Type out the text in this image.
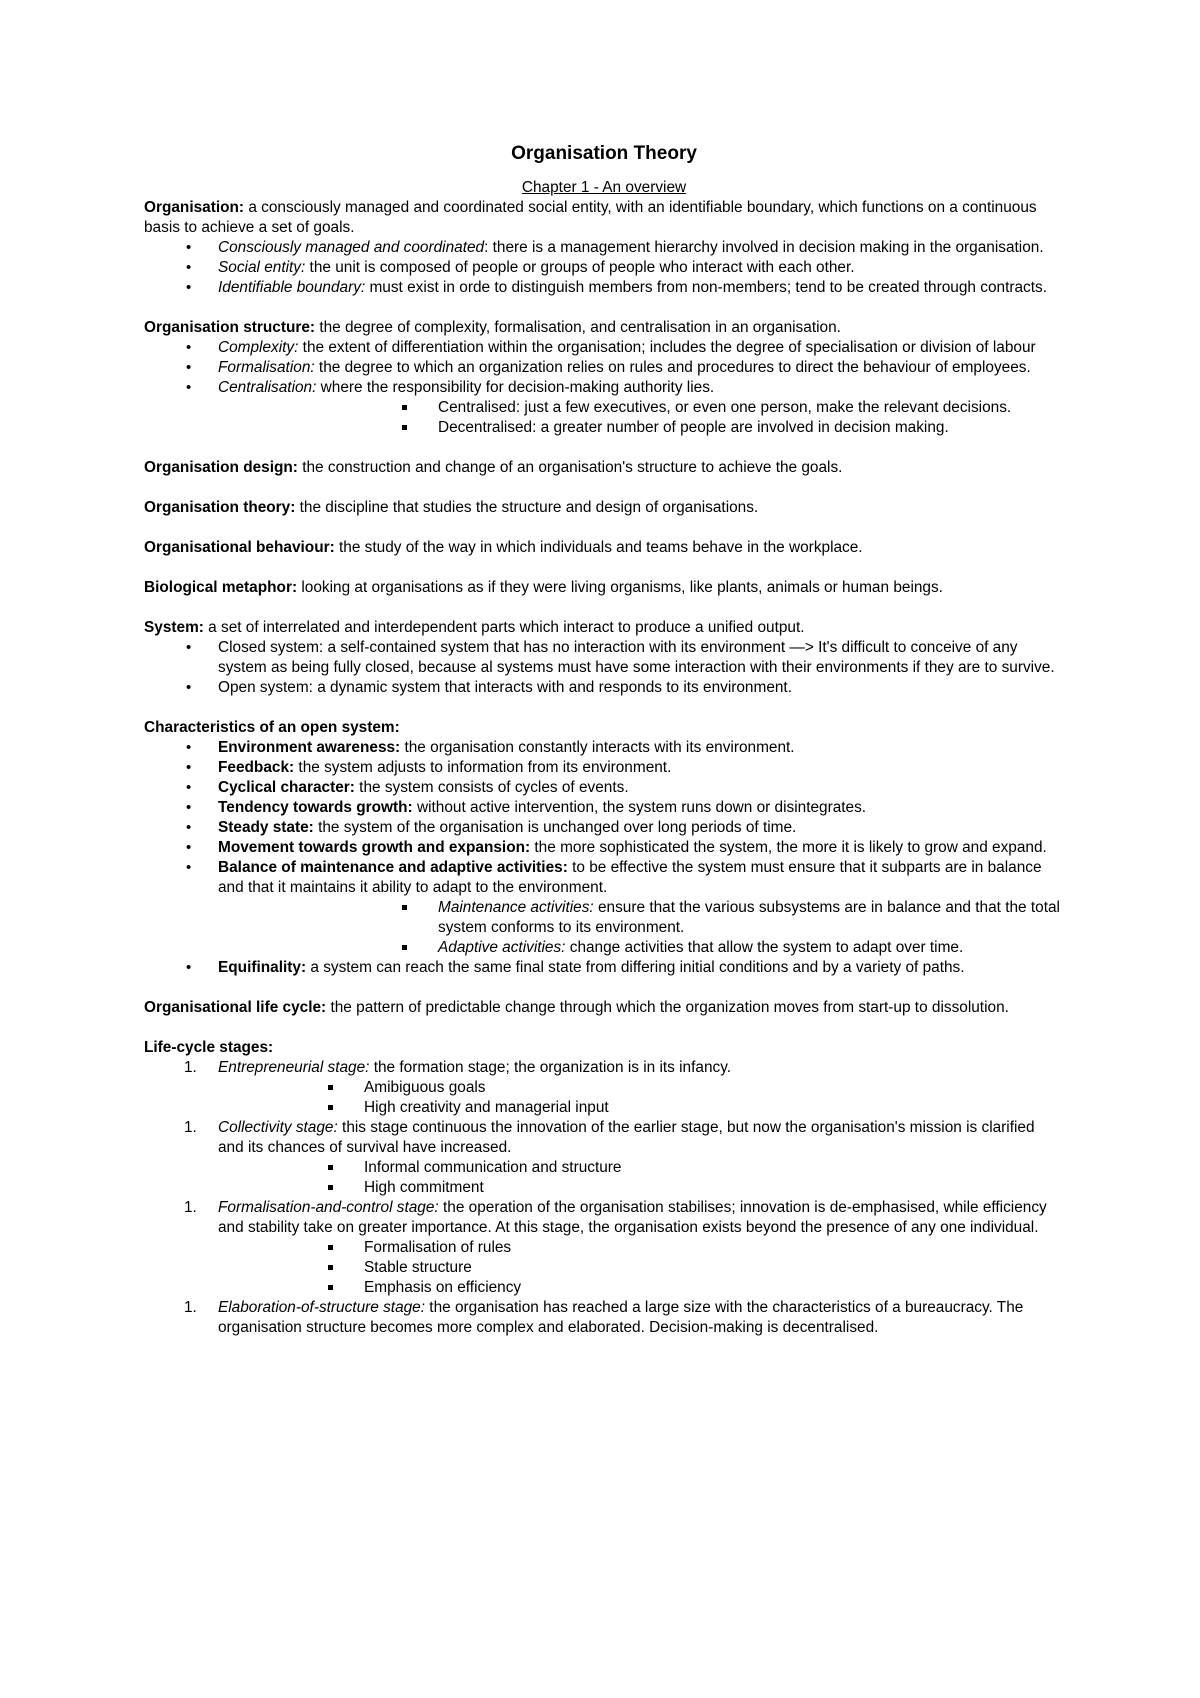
Organisation Theory
Chapter 1 - An overview

Organisation: a consciously managed and coordinated social entity, with an identifiable boundary, which functions on a continuous basis to achieve a set of goals.

• Consciously managed and coordinated: there is a management hierarchy involved in decision making in the organisation.
• Social entity: the unit is composed of people or groups of people who interact with each other.
• Identifiable boundary: must exist in orde to distinguish members from non-members; tend to be created through contracts.

Organisation structure: the degree of complexity, formalisation, and centralisation in an organisation.

• Complexity: the extent of differentiation within the organisation; includes the degree of specialisation or division of labour
• Formalisation: the degree to which an organization relies on rules and procedures to direct the behaviour of employees.
• Centralisation: where the responsibility for decision-making authority lies.
Centralised: just a few executives, or even one person, make the relevant decisions.
Decentralised: a greater number of people are involved in decision making.

Organisation design: the construction and change of an organisation's structure to achieve the goals.

Organisation theory: the discipline that studies the structure and design of organisations.

Organisational behaviour: the study of the way in which individuals and teams behave in the workplace.

Biological metaphor: looking at organisations as if they were living organisms, like plants, animals or human beings.

System: a set of interrelated and interdependent parts which interact to produce a unified output.

• Closed system: a self-contained system that has no interaction with its environment —> It's difficult to conceive of any system as being fully closed, because al systems must have some interaction with their environments if they are to survive.
• Open system: a dynamic system that interacts with and responds to its environment.

Characteristics of an open system:

• Environment awareness: the organisation constantly interacts with its environment.
• Feedback: the system adjusts to information from its environment.
• Cyclical character: the system consists of cycles of events.
• Tendency towards growth: without active intervention, the system runs down or disintegrates.
• Steady state: the system of the organisation is unchanged over long periods of time.
• Movement towards growth and expansion: the more sophisticated the system, the more it is likely to grow and expand.
• Balance of maintenance and adaptive activities: to be effective the system must ensure that it subparts are in balance and that it maintains it ability to adapt to the environment.
Maintenance activities: ensure that the various subsystems are in balance and that the total system conforms to its environment.
Adaptive activities: change activities that allow the system to adapt over time.
• Equifinality: a system can reach the same final state from differing initial conditions and by a variety of paths.

Organisational life cycle: the pattern of predictable change through which the organization moves from start-up to dissolution.

Life-cycle stages:

1. Entrepreneurial stage: the formation stage; the organization is in its infancy.
Amibiguous goals
High creativity and managerial input
1. Collectivity stage: this stage continuous the innovation of the earlier stage, but now the organisation's mission is clarified and its chances of survival have increased.
Informal communication and structure
High commitment
1. Formalisation-and-control stage: the operation of the organisation stabilises; innovation is de-emphasised, while efficiency and stability take on greater importance. At this stage, the organisation exists beyond the presence of any one individual.
Formalisation of rules
Stable structure
Emphasis on efficiency
1. Elaboration-of-structure stage: the organisation has reached a large size with the characteristics of a bureaucracy. The organisation structure becomes more complex and elaborated. Decision-making is decentralised.
